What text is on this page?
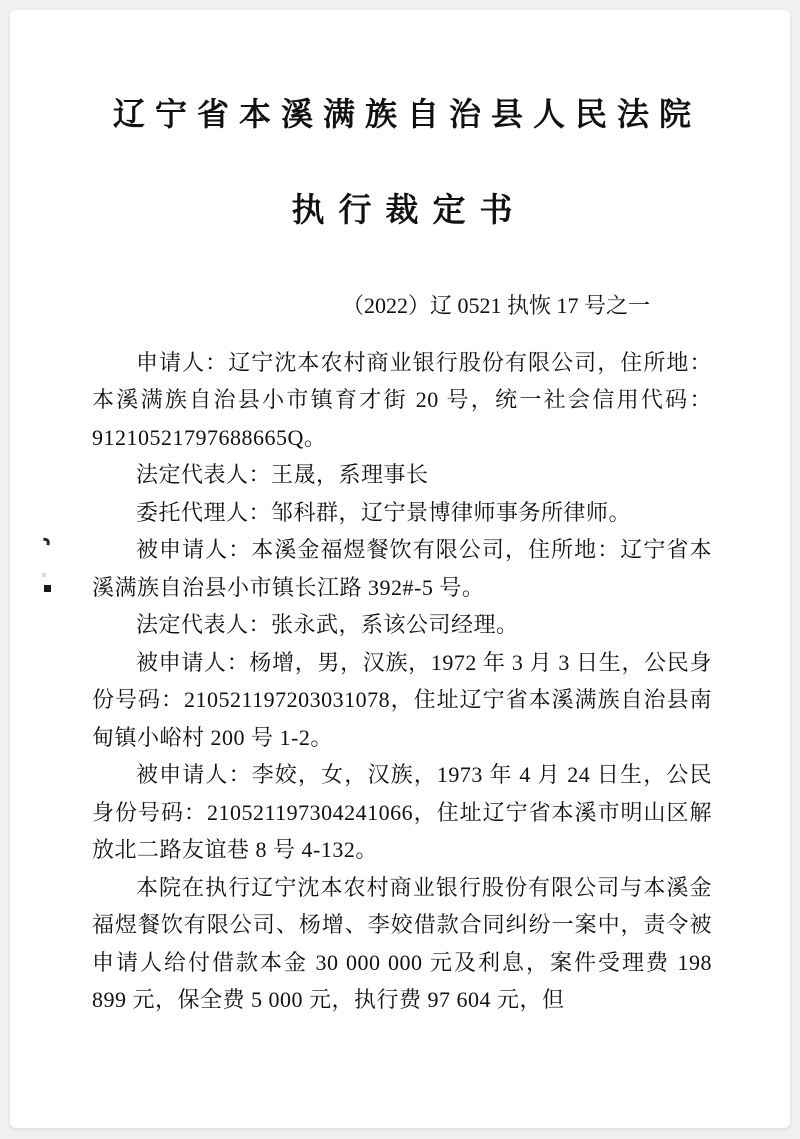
辽宁省本溪满族自治县人民法院
执行裁定书
（2022）辽 0521 执恢 17 号之一

申请人：辽宁沈本农村商业银行股份有限公司，住所地：本溪满族自治县小市镇育才街 20 号，统一社会信用代码：91210521797688665Q。

法定代表人：王晟，系理事长

委托代理人：邹科群，辽宁景博律师事务所律师。

被申请人：本溪金福煜餐饮有限公司，住所地：辽宁省本溪满族自治县小市镇长江路 392#-5 号。

法定代表人：张永武，系该公司经理。

被申请人：杨增，男，汉族，1972 年 3 月 3 日生，公民身份号码：210521197203031078，住址辽宁省本溪满族自治县南甸镇小峪村 200 号 1-2。

被申请人：李姣，女，汉族，1973 年 4 月 24 日生，公民身份号码：210521197304241066，住址辽宁省本溪市明山区解放北二路友谊巷 8 号 4-132。

本院在执行辽宁沈本农村商业银行股份有限公司与本溪金福煜餐饮有限公司、杨增、李姣借款合同纠纷一案中，责令被申请人给付借款本金 30 000 000 元及利息，案件受理费 198 899 元，保全费 5 000 元，执行费 97 604 元，但
